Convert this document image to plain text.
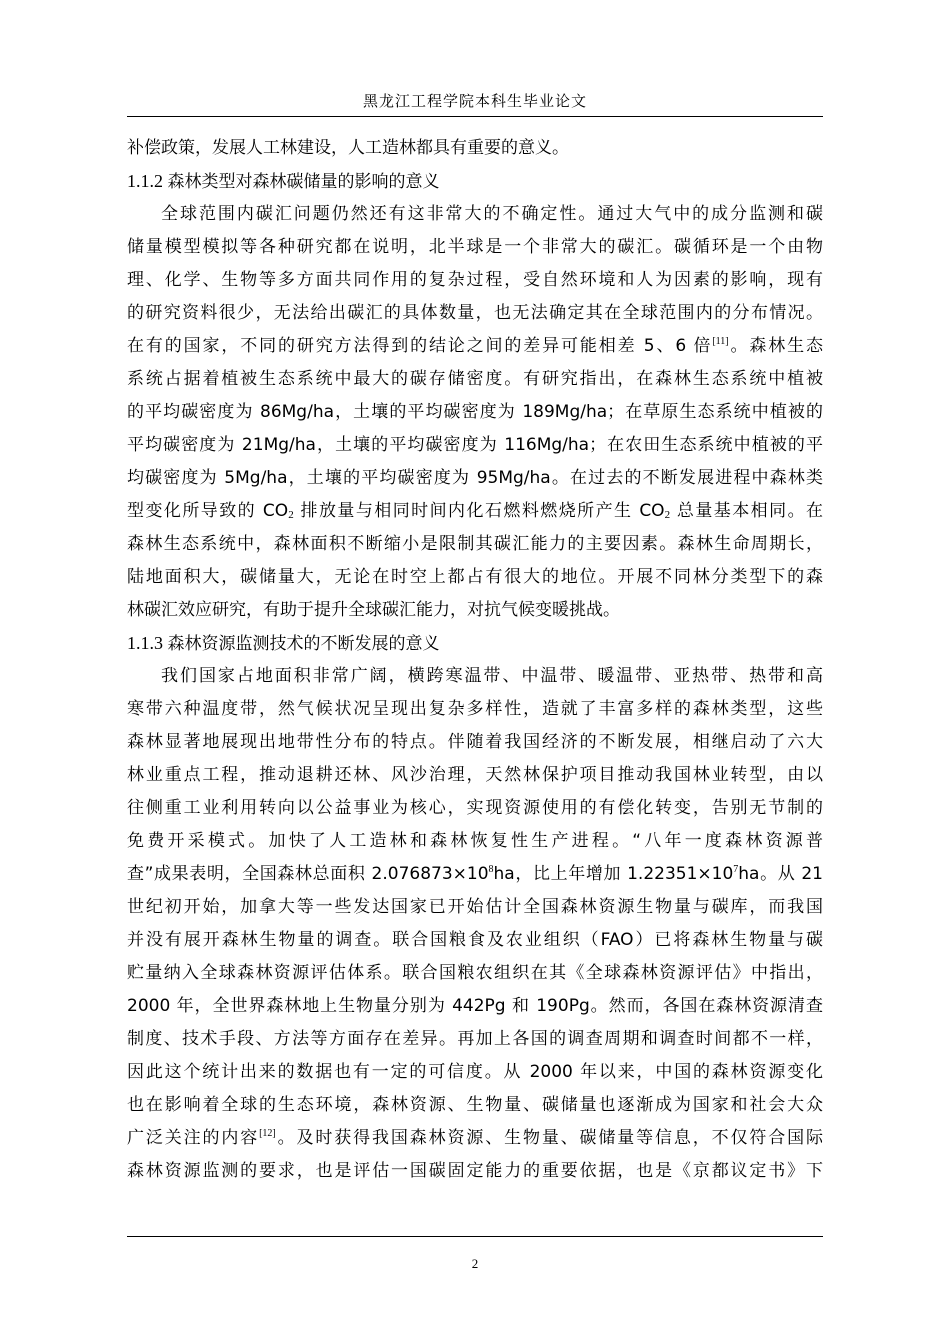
黑龙江工程学院本科生毕业论文
补偿政策，发展人工林建设，人工造林都具有重要的意义。
1.1.2 森林类型对森林碳储量的影响的意义
全球范围内碳汇问题仍然还有这非常大的不确定性。通过大气中的成分监测和碳
储量模型模拟等各种研究都在说明，北半球是一个非常大的碳汇。碳循环是一个由物
理、化学、生物等多方面共同作用的复杂过程，受自然环境和人为因素的影响，现有
的研究资料很少，无法给出碳汇的具体数量，也无法确定其在全球范围内的分布情况。
在有的国家，不同的研究方法得到的结论之间的差异可能相差 5、6 倍[11]。森林生态
系统占据着植被生态系统中最大的碳存储密度。有研究指出，在森林生态系统中植被
的平均碳密度为 86Mg/ha，土壤的平均碳密度为 189Mg/ha；在草原生态系统中植被的
平均碳密度为 21Mg/ha，土壤的平均碳密度为 116Mg/ha；在农田生态系统中植被的平
均碳密度为 5Mg/ha，土壤的平均碳密度为 95Mg/ha。在过去的不断发展进程中森林类
型变化所导致的 $CO_2$ 排放量与相同时间内化石燃料燃烧所产生 $CO_2$ 总量基本相同。在
森林生态系统中，森林面积不断缩小是限制其碳汇能力的主要因素。森林生命周期长，
陆地面积大，碳储量大，无论在时空上都占有很大的地位。开展不同林分类型下的森
林碳汇效应研究，有助于提升全球碳汇能力，对抗气候变暖挑战。
1.1.3 森林资源监测技术的不断发展的意义
我们国家占地面积非常广阔，横跨寒温带、中温带、暖温带、亚热带、热带和高
寒带六种温度带，然气候状况呈现出复杂多样性，造就了丰富多样的森林类型，这些
森林显著地展现出地带性分布的特点。伴随着我国经济的不断发展，相继启动了六大
林业重点工程，推动退耕还林、风沙治理，天然林保护项目推动我国林业转型，由以
往侧重工业利用转向以公益事业为核心，实现资源使用的有偿化转变，告别无节制的
免费开采模式。加快了人工造林和森林恢复性生产进程。“八年一度森林资源普
查”成果表明，全国森林总面积 $2.076873\times 10^8ha$，比上年增加 $1.22351\times 10^7ha$。从 21
世纪初开始，加拿大等一些发达国家已开始估计全国森林资源生物量与碳库，而我国
并没有展开森林生物量的调查。联合国粮食及农业组织（FAO）已将森林生物量与碳
贮量纳入全球森林资源评估体系。联合国粮农组织在其《全球森林资源评估》中指出，
2000 年，全世界森林地上生物量分别为 442Pg 和 190Pg。然而，各国在森林资源清查
制度、技术手段、方法等方面存在差异。再加上各国的调查周期和调查时间都不一样，
因此这个统计出来的数据也有一定的可信度。从 2000 年以来，中国的森林资源变化
也在影响着全球的生态环境，森林资源、生物量、碳储量也逐渐成为国家和社会大众
广泛关注的内容[12]。及时获得我国森林资源、生物量、碳储量等信息，不仅符合国际
森林资源监测的要求，也是评估一国碳固定能力的重要依据，也是《京都议定书》下
2
